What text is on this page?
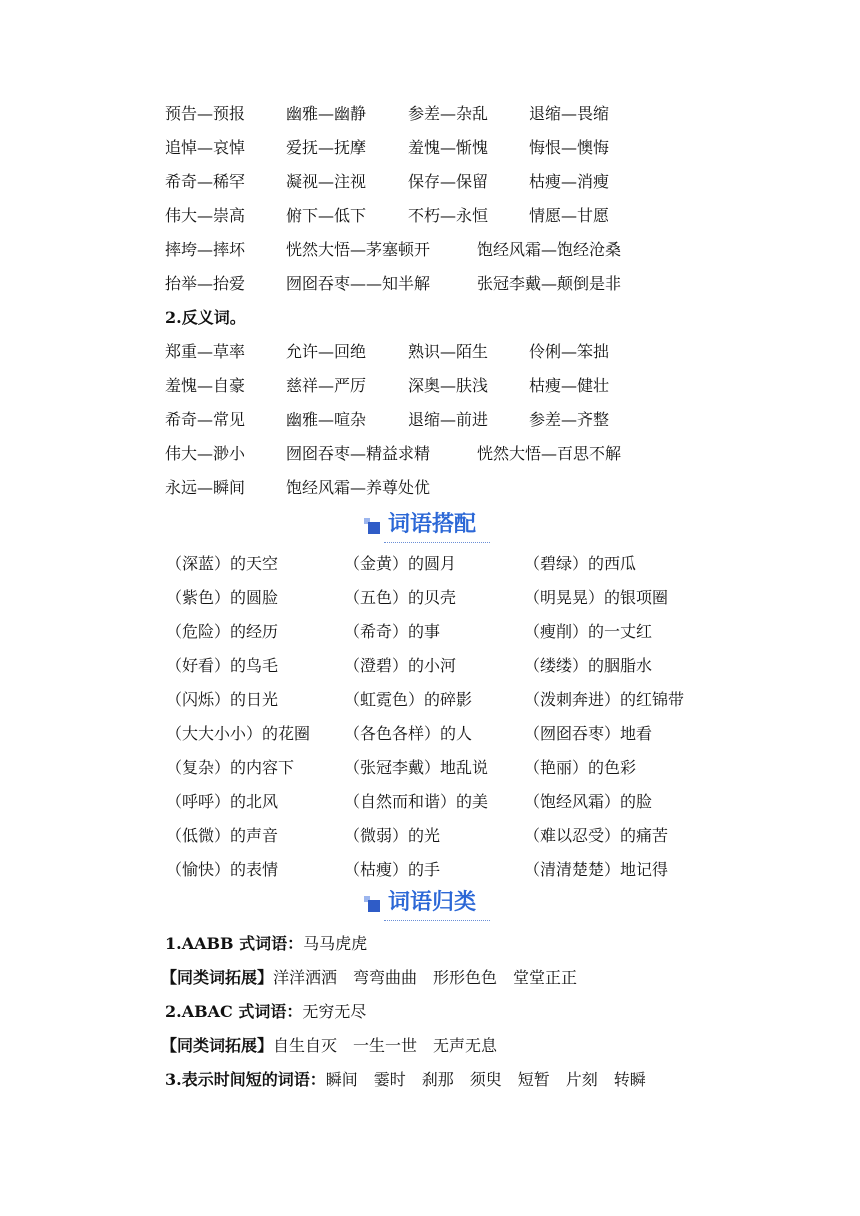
预告—预报	幽雅—幽静	参差—杂乱	退缩—畏缩
追悼—哀悼	爱抚—抚摩	羞愧—惭愧	悔恨—懊悔
希奇—稀罕	凝视—注视	保存—保留	枯瘦—消瘦
伟大—崇高	俯下—低下	不朽—永恒	情愿—甘愿
摔垮—摔坏	恍然大悟—茅塞顿开	饱经风霜—饱经沧桑
抬举—抬爱	囫囵吞枣——知半解	张冠李戴—颠倒是非
2.反义词。
郑重—草率	允许—回绝	熟识—陌生	伶俐—笨拙
羞愧—自豪	慈祥—严厉	深奥—肤浅	枯瘦—健壮
希奇—常见	幽雅—喧杂	退缩—前进	参差—齐整
伟大—渺小	囫囵吞枣—精益求精	恍然大悟—百思不解
永远—瞬间	饱经风霜—养尊处优
词语搭配
（深蓝）的天空	（金黄）的圆月	（碧绿）的西瓜
（紫色）的圆脸	（五色）的贝壳	（明晃晃）的银项圈
（危险）的经历	（希奇）的事	（瘦削）的一丈红
（好看）的鸟毛	（澄碧）的小河	（缕缕）的胭脂水
（闪烁）的日光	（虹霓色）的碎影	（泼刺奔进）的红锦带
（大大小小）的花圈 （各色各样）的人	（囫囵吞枣）地看
（复杂）的内容下	（张冠李戴）地乱说 （艳丽）的色彩
（呼呼）的北风	（自然而和谐）的美 （饱经风霜）的脸
（低微）的声音	（微弱）的光	（难以忍受）的痛苦
（愉快）的表情	（枯瘦）的手	（清清楚楚）地记得
词语归类
1.AABB 式词语：马马虎虎
【同类词拓展】洋洋洒洒　弯弯曲曲　形形色色　堂堂正正
2.ABAC 式词语：无穷无尽
【同类词拓展】自生自灭　一生一世　无声无息
3.表示时间短的词语：瞬间　霎时　刹那　须臾　短暂　片刻　转瞬
